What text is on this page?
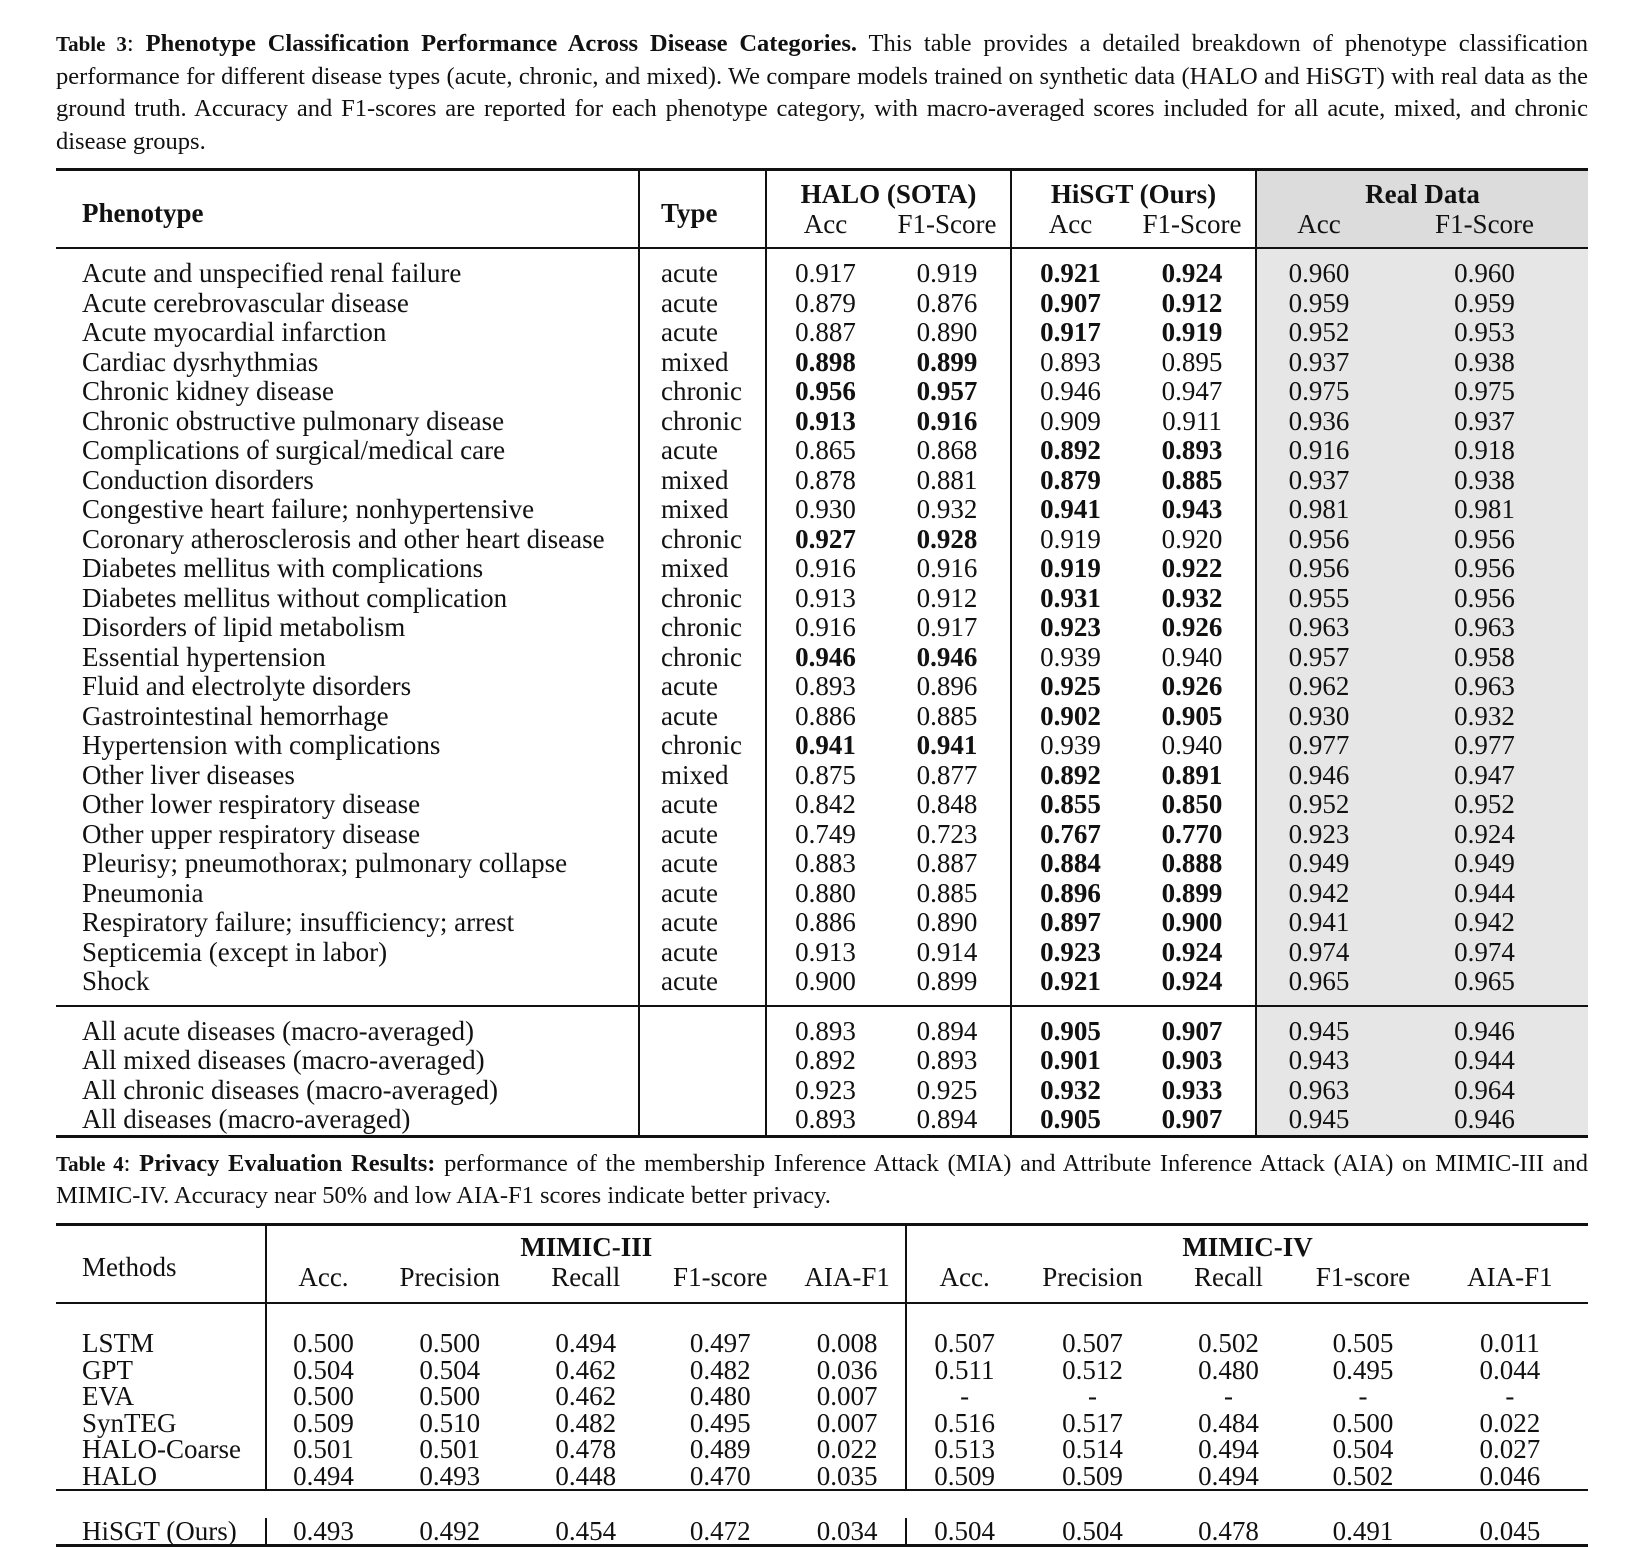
Table 3: Phenotype Classification Performance Across Disease Categories. This table provides a detailed breakdown of phenotype classification performance for different disease types (acute, chronic, and mixed). We compare models trained on synthetic data (HALO and HiSGT) with real data as the ground truth. Accuracy and F1-scores are reported for each phenotype category, with macro-averaged scores included for all acute, mixed, and chronic disease groups.

Phenotype	Type	HALO (SOTA)		HiSGT (Ours)		Real Data	
		Acc	F1-Score	Acc	F1-Score	Acc	F1-Score

Acute and unspecified renal failure	acute	0.917	0.919	0.921	0.924	0.960	0.960
Acute cerebrovascular disease	acute	0.879	0.876	0.907	0.912	0.959	0.959
Acute myocardial infarction	acute	0.887	0.890	0.917	0.919	0.952	0.953
Cardiac dysrhythmias	mixed	0.898	0.899	0.893	0.895	0.937	0.938
Chronic kidney disease	chronic	0.956	0.957	0.946	0.947	0.975	0.975
Chronic obstructive pulmonary disease	chronic	0.913	0.916	0.909	0.911	0.936	0.937
Complications of surgical/medical care	acute	0.865	0.868	0.892	0.893	0.916	0.918
Conduction disorders	mixed	0.878	0.881	0.879	0.885	0.937	0.938
Congestive heart failure; nonhypertensive	mixed	0.930	0.932	0.941	0.943	0.981	0.981
Coronary atherosclerosis and other heart disease	chronic	0.927	0.928	0.919	0.920	0.956	0.956
Diabetes mellitus with complications	mixed	0.916	0.916	0.919	0.922	0.956	0.956
Diabetes mellitus without complication	chronic	0.913	0.912	0.931	0.932	0.955	0.956
Disorders of lipid metabolism	chronic	0.916	0.917	0.923	0.926	0.963	0.963
Essential hypertension	chronic	0.946	0.946	0.939	0.940	0.957	0.958
Fluid and electrolyte disorders	acute	0.893	0.896	0.925	0.926	0.962	0.963
Gastrointestinal hemorrhage	acute	0.886	0.885	0.902	0.905	0.930	0.932
Hypertension with complications	chronic	0.941	0.941	0.939	0.940	0.977	0.977
Other liver diseases	mixed	0.875	0.877	0.892	0.891	0.946	0.947
Other lower respiratory disease	acute	0.842	0.848	0.855	0.850	0.952	0.952
Other upper respiratory disease	acute	0.749	0.723	0.767	0.770	0.923	0.924
Pleurisy; pneumothorax; pulmonary collapse	acute	0.883	0.887	0.884	0.888	0.949	0.949
Pneumonia	acute	0.880	0.885	0.896	0.899	0.942	0.944
Respiratory failure; insufficiency; arrest	acute	0.886	0.890	0.897	0.900	0.941	0.942
Septicemia (except in labor)	acute	0.913	0.914	0.923	0.924	0.974	0.974
Shock	acute	0.900	0.899	0.921	0.924	0.965	0.965

All acute diseases (macro-averaged)		0.893	0.894	0.905	0.907	0.945	0.946
All mixed diseases (macro-averaged)		0.892	0.893	0.901	0.903	0.943	0.944
All chronic diseases (macro-averaged)		0.923	0.925	0.932	0.933	0.963	0.964
All diseases (macro-averaged)		0.893	0.894	0.905	0.907	0.945	0.946

Table 4: Privacy Evaluation Results: performance of the membership Inference Attack (MIA) and Attribute Inference Attack (AIA) on MIMIC-III and MIMIC-IV. Accuracy near 50% and low AIA-F1 scores indicate better privacy.

Methods	MIMIC-III					MIMIC-IV				
	Acc.	Precision	Recall	F1-score	AIA-F1	Acc.	Precision	Recall	F1-score	AIA-F1

LSTM	0.500	0.500	0.494	0.497	0.008	0.507	0.507	0.502	0.505	0.011
GPT	0.504	0.504	0.462	0.482	0.036	0.511	0.512	0.480	0.495	0.044
EVA	0.500	0.500	0.462	0.480	0.007	-	-	-	-	-
SynTEG	0.509	0.510	0.482	0.495	0.007	0.516	0.517	0.484	0.500	0.022
HALO-Coarse	0.501	0.501	0.478	0.489	0.022	0.513	0.514	0.494	0.504	0.027
HALO	0.494	0.493	0.448	0.470	0.035	0.509	0.509	0.494	0.502	0.046

HiSGT (Ours)	0.493	0.492	0.454	0.472	0.034	0.504	0.504	0.478	0.491	0.045
